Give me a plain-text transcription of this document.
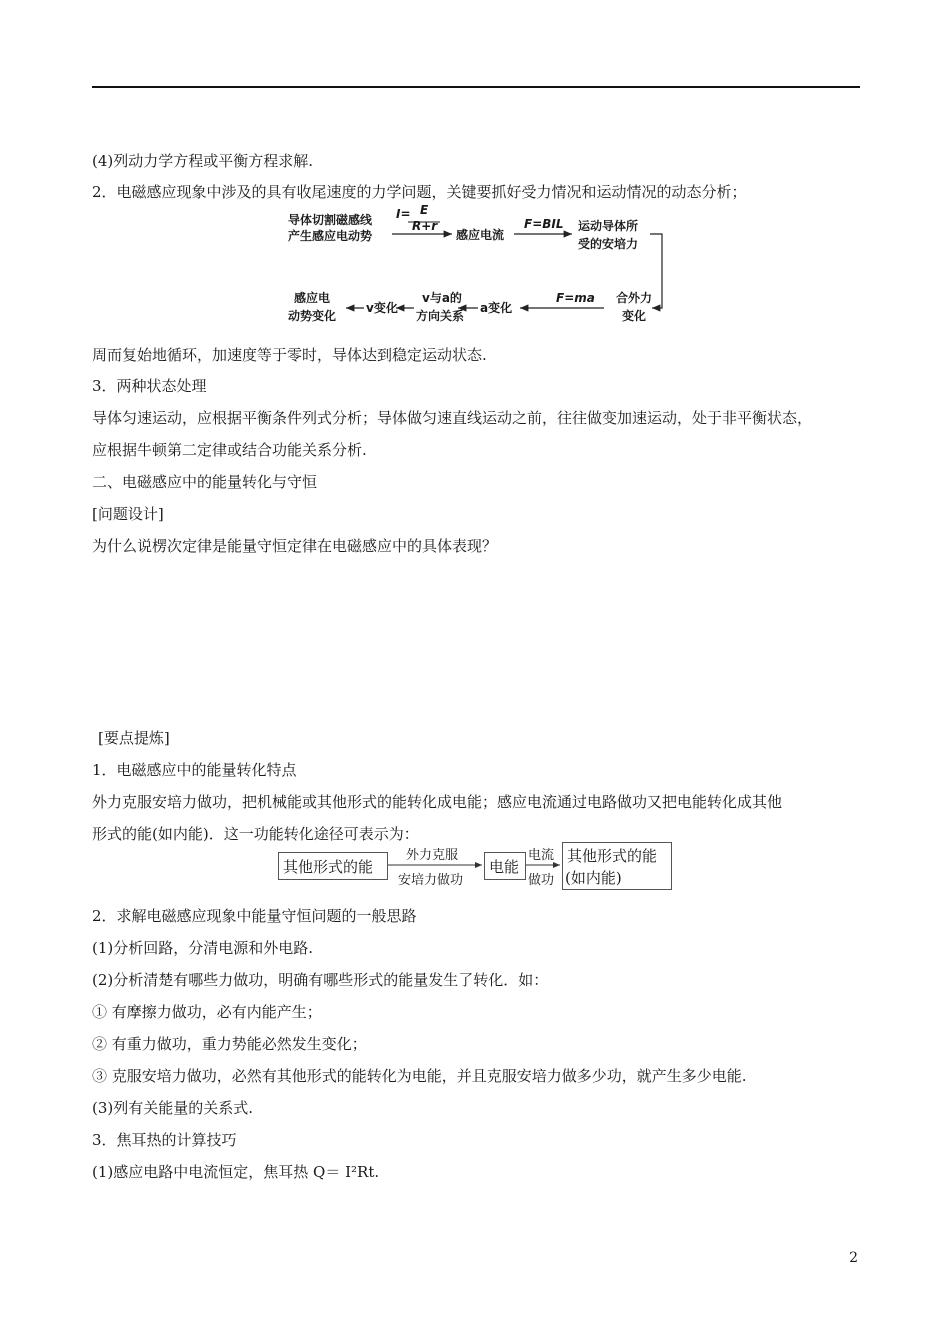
(4)列动力学方程或平衡方程求解.
2．电磁感应现象中涉及的具有收尾速度的力学问题，关键要抓好受力情况和运动情况的动态分析；
导体切割磁感线
产生感应电动势
I= E
R+r
感应电流
F=BIL 运动导体所
受的安培力
合外力
变化
F=ma
a变化
v与a的
方向关系
v变化
感应电
动势变化
周而复始地循环，加速度等于零时，导体达到稳定运动状态.
3．两种状态处理
导体匀速运动，应根据平衡条件列式分析；导体做匀速直线运动之前，往往做变加速运动，处于非平衡状态，
应根据牛顿第二定律或结合功能关系分析.
二、电磁感应中的能量转化与守恒
[问题设计]
为什么说楞次定律是能量守恒定律在电磁感应中的具体表现？
[要点提炼]
1．电磁感应中的能量转化特点
外力克服安培力做功，把机械能或其他形式的能转化成电能；感应电流通过电路做功又把电能转化成其他
形式的能(如内能)．这一功能转化途径可表示为：
其他形式的能
外力克服
安培力做功
电能
电流
做功
其他形式的能
(如内能)
2．求解电磁感应现象中能量守恒问题的一般思路
(1)分析回路，分清电源和外电路.
(2)分析清楚有哪些力做功，明确有哪些形式的能量发生了转化．如：
① 有摩擦力做功，必有内能产生；
② 有重力做功，重力势能必然发生变化；
③ 克服安培力做功，必然有其他形式的能转化为电能，并且克服安培力做多少功，就产生多少电能.
(3)列有关能量的关系式.
3．焦耳热的计算技巧
(1)感应电路中电流恒定，焦耳热 Q＝ I²Rt.
2
